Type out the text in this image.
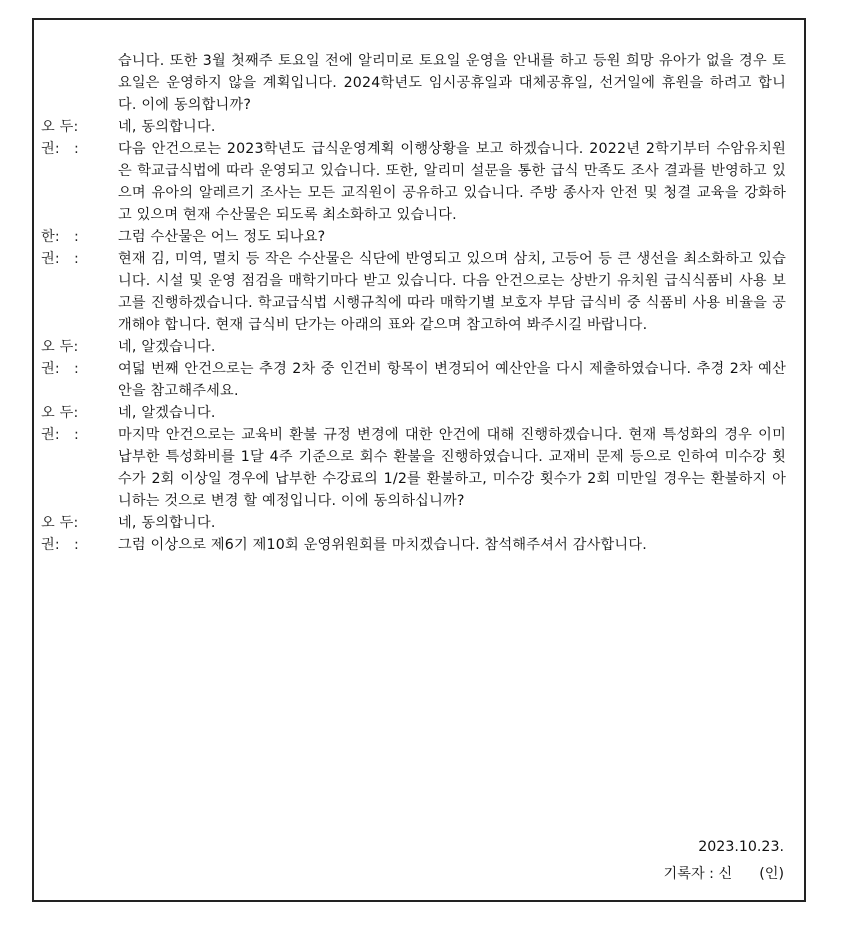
습니다. 또한 3월 첫째주 토요일 전에 알리미로 토요일 운영을 안내를 하고 등원 희망 유아가 없을 경우 토요일은 운영하지 않을 계획입니다. 2024학년도 임시공휴일과 대체공휴일, 선거일에 휴원을 하려고 합니다. 이에 동의합니까?
오 두:	네, 동의합니다.
권:   :	다음 안건으로는 2023학년도 급식운영계획 이행상황을 보고 하겠습니다. 2022년 2학기부터 수암유치원은 학교급식법에 따라 운영되고 있습니다. 또한, 알리미 설문을 통한 급식 만족도 조사 결과를 반영하고 있으며 유아의 알레르기 조사는 모든 교직원이 공유하고 있습니다. 주방 종사자 안전 및 청결 교육을 강화하고 있으며 현재 수산물은 되도록 최소화하고 있습니다.
한:   :	그럼 수산물은 어느 정도 되나요?
권:   :	현재 김, 미역, 멸치 등 작은 수산물은 식단에 반영되고 있으며 삼치, 고등어 등 큰 생선을 최소화하고 있습니다. 시설 및 운영 점검을 매학기마다 받고 있습니다. 다음 안건으로는 상반기 유치원 급식식품비 사용 보고를 진행하겠습니다. 학교급식법 시행규칙에 따라 매학기별 보호자 부담 급식비 중 식품비 사용 비율을 공개해야 합니다. 현재 급식비 단가는 아래의 표와 같으며 참고하여 봐주시길 바랍니다.
오 두:	네, 알겠습니다.
권:   :	여덟 번째 안건으로는 추경 2차 중 인건비 항목이 변경되어 예산안을 다시 제출하였습니다. 추경 2차 예산안을 참고해주세요.
오 두:	네, 알겠습니다.
권:   :	마지막 안건으로는 교육비 환불 규정 변경에 대한 안건에 대해 진행하겠습니다. 현재 특성화의 경우 이미 납부한 특성화비를 1달 4주 기준으로 회수 환불을 진행하였습니다. 교재비 문제 등으로 인하여 미수강 횟수가 2회 이상일 경우에 납부한 수강료의 1/2를 환불하고, 미수강 횟수가 2회 미만일 경우는 환불하지 아니하는 것으로 변경 할 예정입니다. 이에 동의하십니까?
오 두:	네, 동의합니다.
권:   :	그럼 이상으로 제6기 제10회 운영위원회를 마치겠습니다. 참석해주셔서 감사합니다.
2023.10.23.
기록자 : 신      (인)
